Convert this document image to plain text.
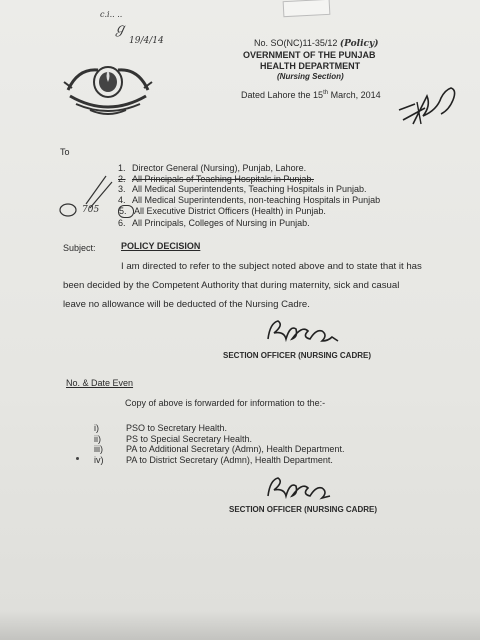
c.i.. ..
ℊ
19/4/14	No. SO(NC)11-35/12 (Policy)
OVERNMENT OF THE PUNJAB
HEALTH DEPARTMENT
(Nursing Section)
Dated Lahore the 15th March, 2014
To
1. Director General (Nursing), Punjab, Lahore.
2. All Principals of Teaching Hospitals in Punjab.
3. All Medical Superintendents, Teaching Hospitals in Punjab.
4. All Medical Superintendents, non-teaching Hospitals in Punjab
5. All Executive District Officers (Health) in Punjab.
6. All Principals, Colleges of Nursing in Punjab.
705
Subject:	POLICY DECISION
I am directed to refer to the subject noted above and to state that it has
been decided by the Competent Authority that during maternity, sick and casual
leave no allowance will be deducted of the Nursing Cadre.
SECTION OFFICER (NURSING CADRE)
No. & Date Even
Copy of above is forwarded for information to the:-
i)	PSO to Secretary Health.
ii)	PS to Special Secretary Health.
iii)	PA to Additional Secretary (Admn), Health Department.
iv)	PA to District Secretary (Admn), Health Department.
SECTION OFFICER (NURSING CADRE)
